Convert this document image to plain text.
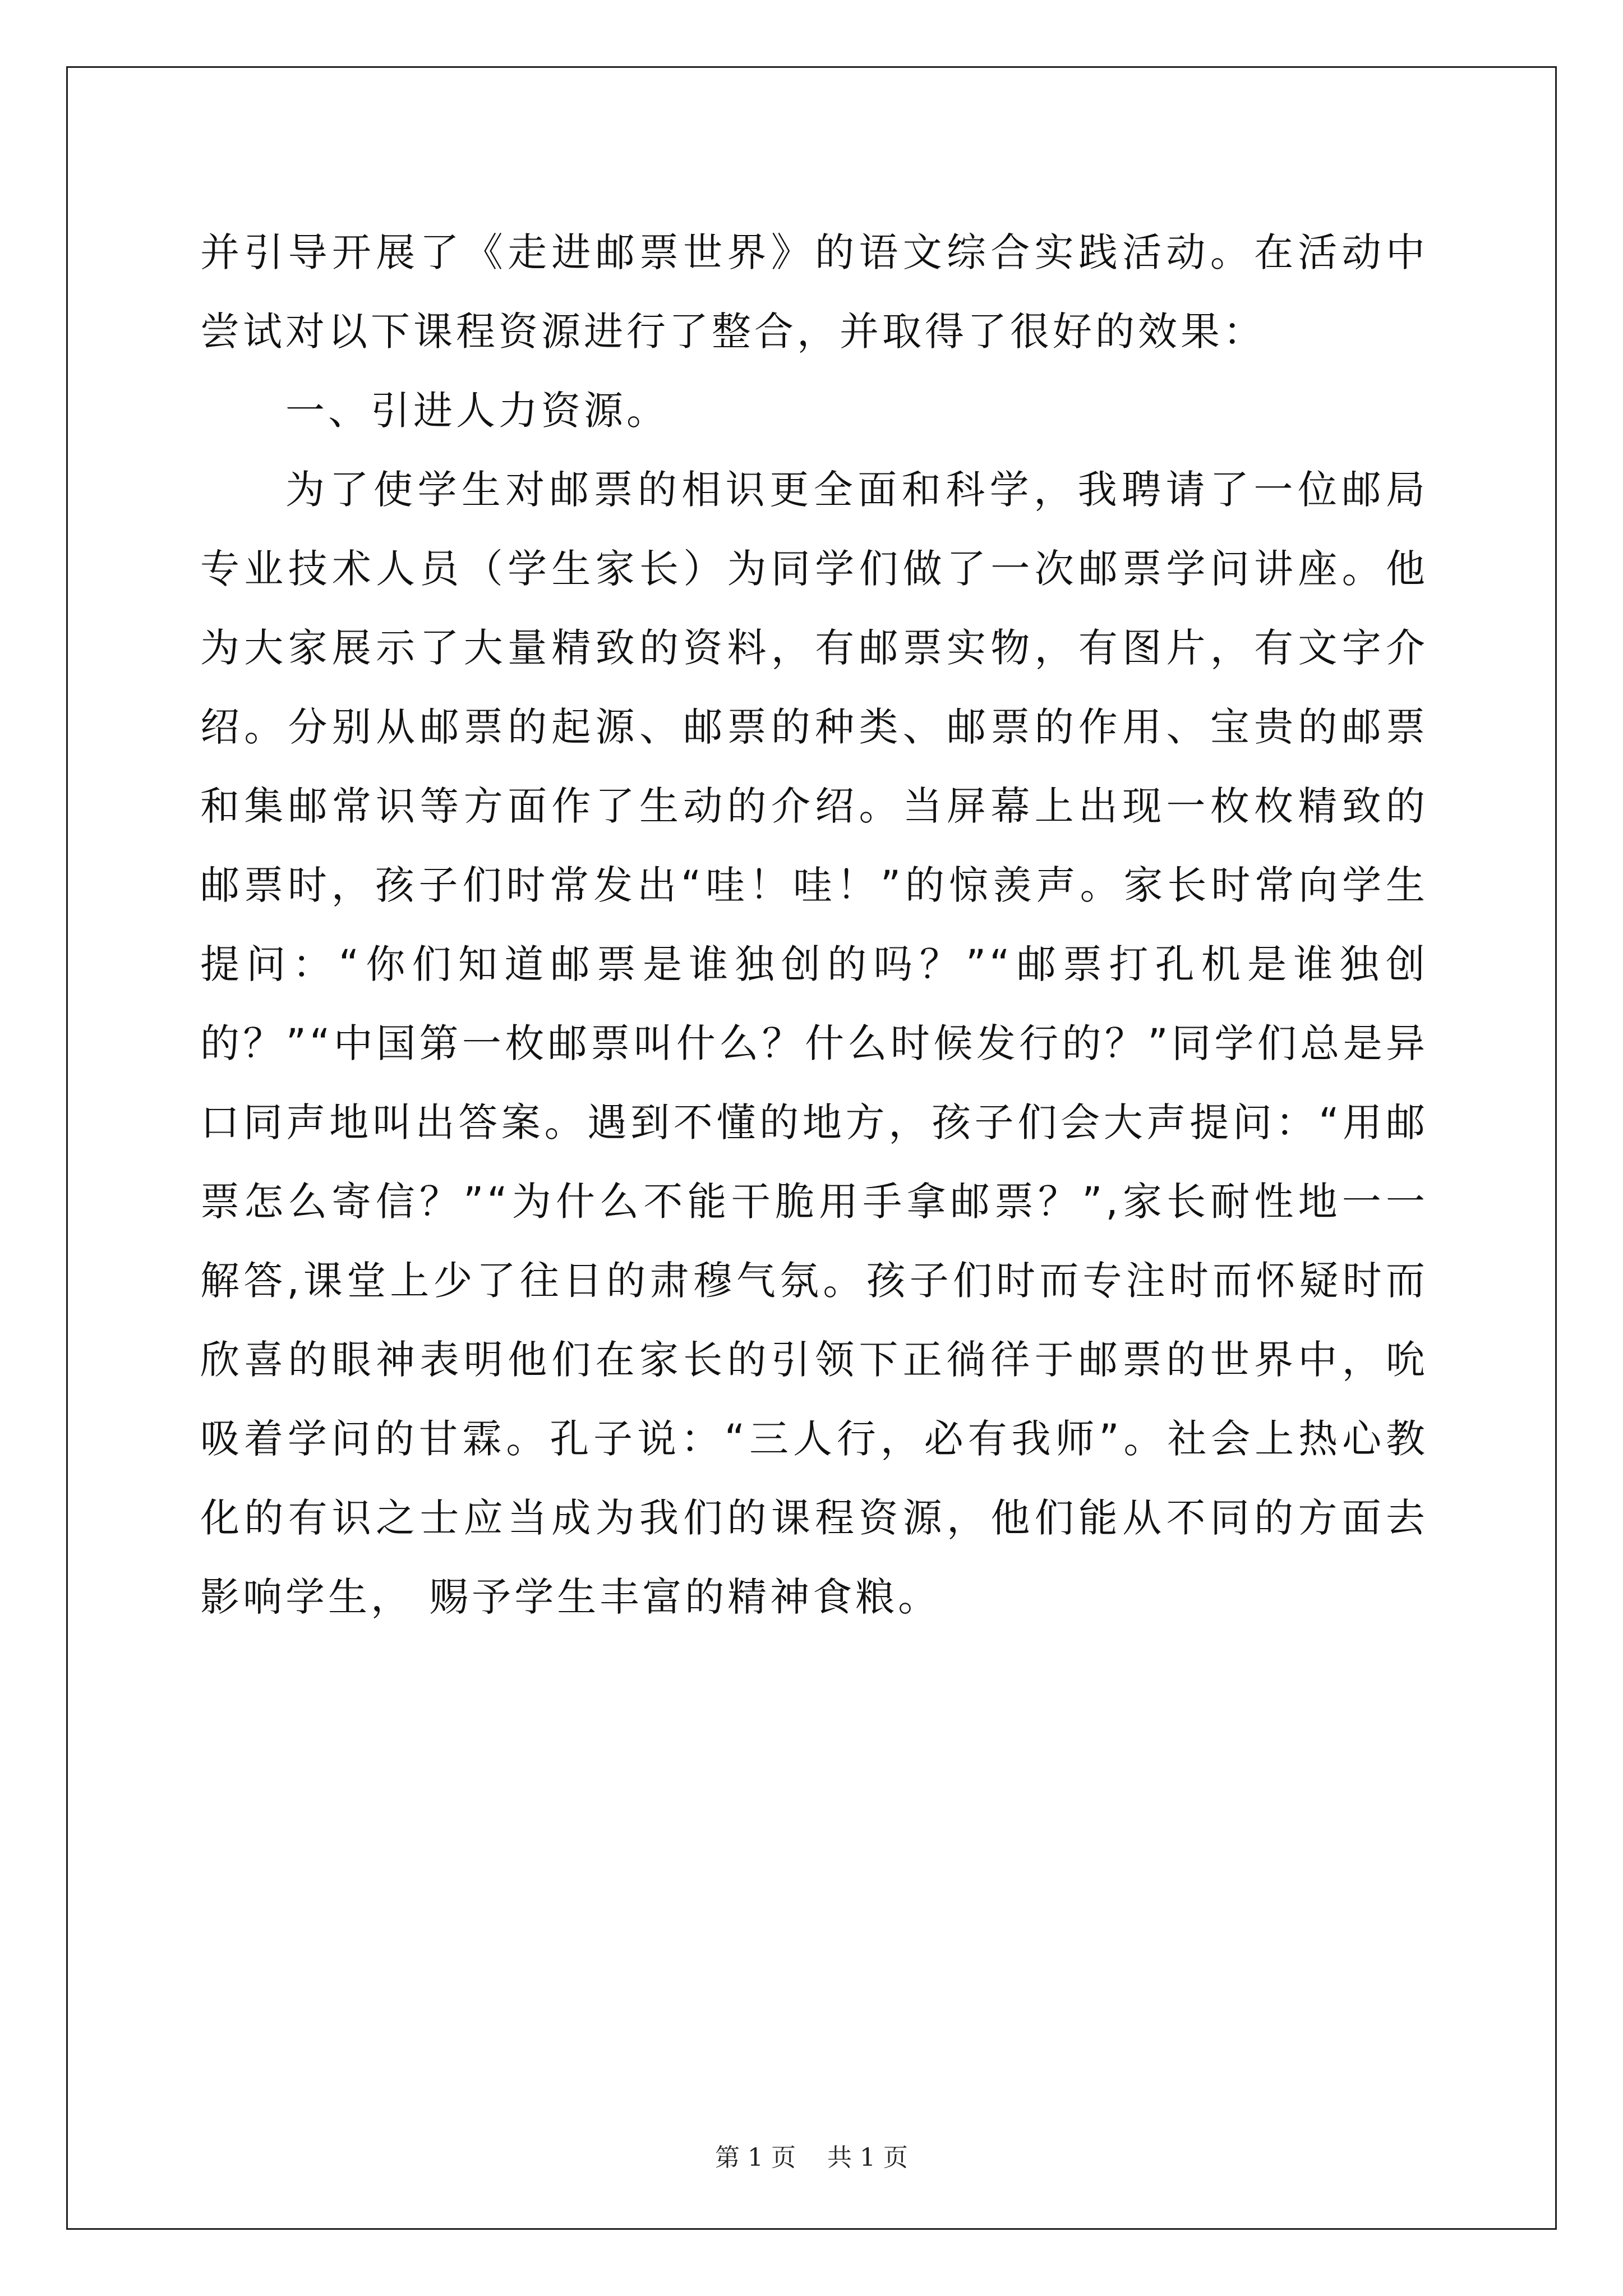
并引导开展了《走进邮票世界》的语文综合实践活动。在活动中尝试对以下课程资源进行了整合，并取得了很好的效果：

一、引进人力资源。

为了使学生对邮票的相识更全面和科学，我聘请了一位邮局专业技术人员（学生家长）为同学们做了一次邮票学问讲座。他为大家展示了大量精致的资料，有邮票实物，有图片，有文字介绍。分别从邮票的起源、邮票的种类、邮票的作用、宝贵的邮票和集邮常识等方面作了生动的介绍。当屏幕上出现一枚枚精致的邮票时，孩子们时常发出“哇！哇！”的惊羡声。家长时常向学生提问：“你们知道邮票是谁独创的吗？”“邮票打孔机是谁独创的？”“中国第一枚邮票叫什么？什么时候发行的？”同学们总是异口同声地叫出答案。遇到不懂的地方，孩子们会大声提问：“用邮票怎么寄信？”“为什么不能干脆用手拿邮票？”,家长耐性地一一解答,课堂上少了往日的肃穆气氛。孩子们时而专注时而怀疑时而欣喜的眼神表明他们在家长的引领下正徜徉于邮票的世界中，吮吸着学问的甘霖。孔子说：“三人行，必有我师”。社会上热心教化的有识之士应当成为我们的课程资源，他们能从不同的方面去影响学生， 赐予学生丰富的精神食粮。

第 1 页    共 1 页
